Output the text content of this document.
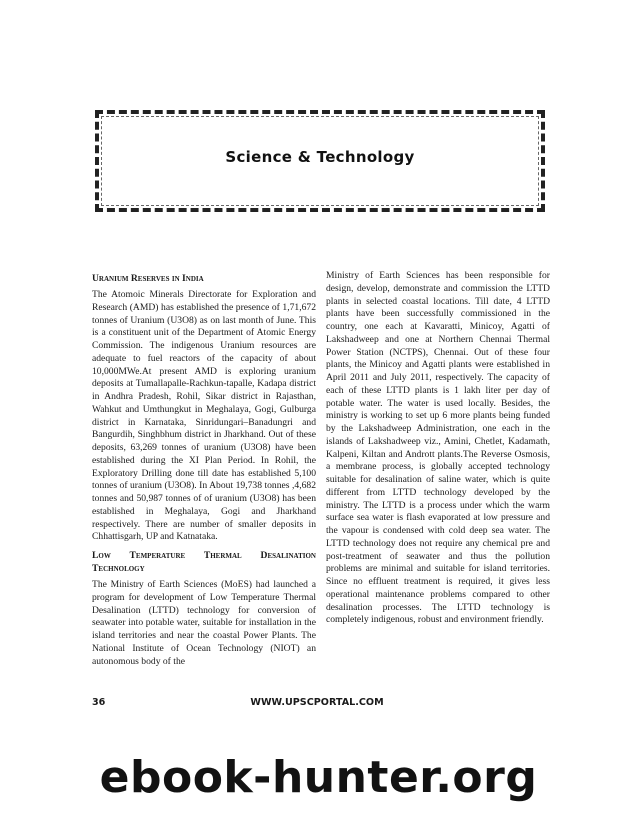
Science & Technology
Uranium Reserves in India

The Atomoic Minerals Directorate for Exploration and Research (AMD) has established the presence of 1,71,672 tonnes of Uranium (U3O8) as on last month of June. This is a constituent unit of the Department of Atomic Energy Commission. The indigenous Uranium resources are adequate to fuel reactors of the capacity of about 10,000MWe.At present AMD is exploring uranium deposits at Tumallapalle-Rachkun-tapalle, Kadapa district in Andhra Pradesh, Rohil, Sikar district in Rajasthan, Wahkut and Umthungkut in Meghalaya, Gogi, Gulburga district in Karnataka, Sinridungari–Banadungri and Bangurdih, Singhbhum district in Jharkhand. Out of these deposits, 63,269 tonnes of uranium (U3O8) have been established during the XI Plan Period. In Rohil, the Exploratory Drilling done till date has established 5,100 tonnes of uranium (U3O8). In About 19,738 tonnes ,4,682 tonnes and 50,987 tonnes of of uranium (U3O8) has been established in Meghalaya, Gogi and Jharkhand respectively. There are number of smaller deposits in Chhattisgarh, UP and Katnataka.

Low Temperature Thermal Desalination Technology

The Ministry of Earth Sciences (MoES) had launched a program for development of Low Temperature Thermal Desalination (LTTD) technology for conversion of seawater into potable water, suitable for installation in the island territories and near the coastal Power Plants. The National Institute of Ocean Technology (NIOT) an autonomous body of the

Ministry of Earth Sciences has been responsible for design, develop, demonstrate and commission the LTTD plants in selected coastal locations. Till date, 4 LTTD plants have been successfully commissioned in the country, one each at Kavaratti, Minicoy, Agatti of Lakshadweep and one at Northern Chennai Thermal Power Station (NCTPS), Chennai. Out of these four plants, the Minicoy and Agatti plants were established in April 2011 and July 2011, respectively. The capacity of each of these LTTD plants is 1 lakh liter per day of potable water. The water is used locally. Besides, the ministry is working to set up 6 more plants being funded by the Lakshadweep Administration, one each in the islands of Lakshadweep viz., Amini, Chetlet, Kadamath, Kalpeni, Kiltan and Andrott plants.The Reverse Osmosis, a membrane process, is globally accepted technology suitable for desalination of saline water, which is quite different from LTTD technology developed by the ministry. The LTTD is a process under which the warm surface sea water is flash evaporated at low pressure and the vapour is condensed with cold deep sea water. The LTTD technology does not require any chemical pre and post-treatment of seawater and thus the pollution problems are minimal and suitable for island territories. Since no effluent treatment is required, it gives less operational maintenance problems compared to other desalination processes. The LTTD technology is completely indigenous, robust and environment friendly.

36	WWW.UPSCPORTAL.COM
ebook-hunter.org
